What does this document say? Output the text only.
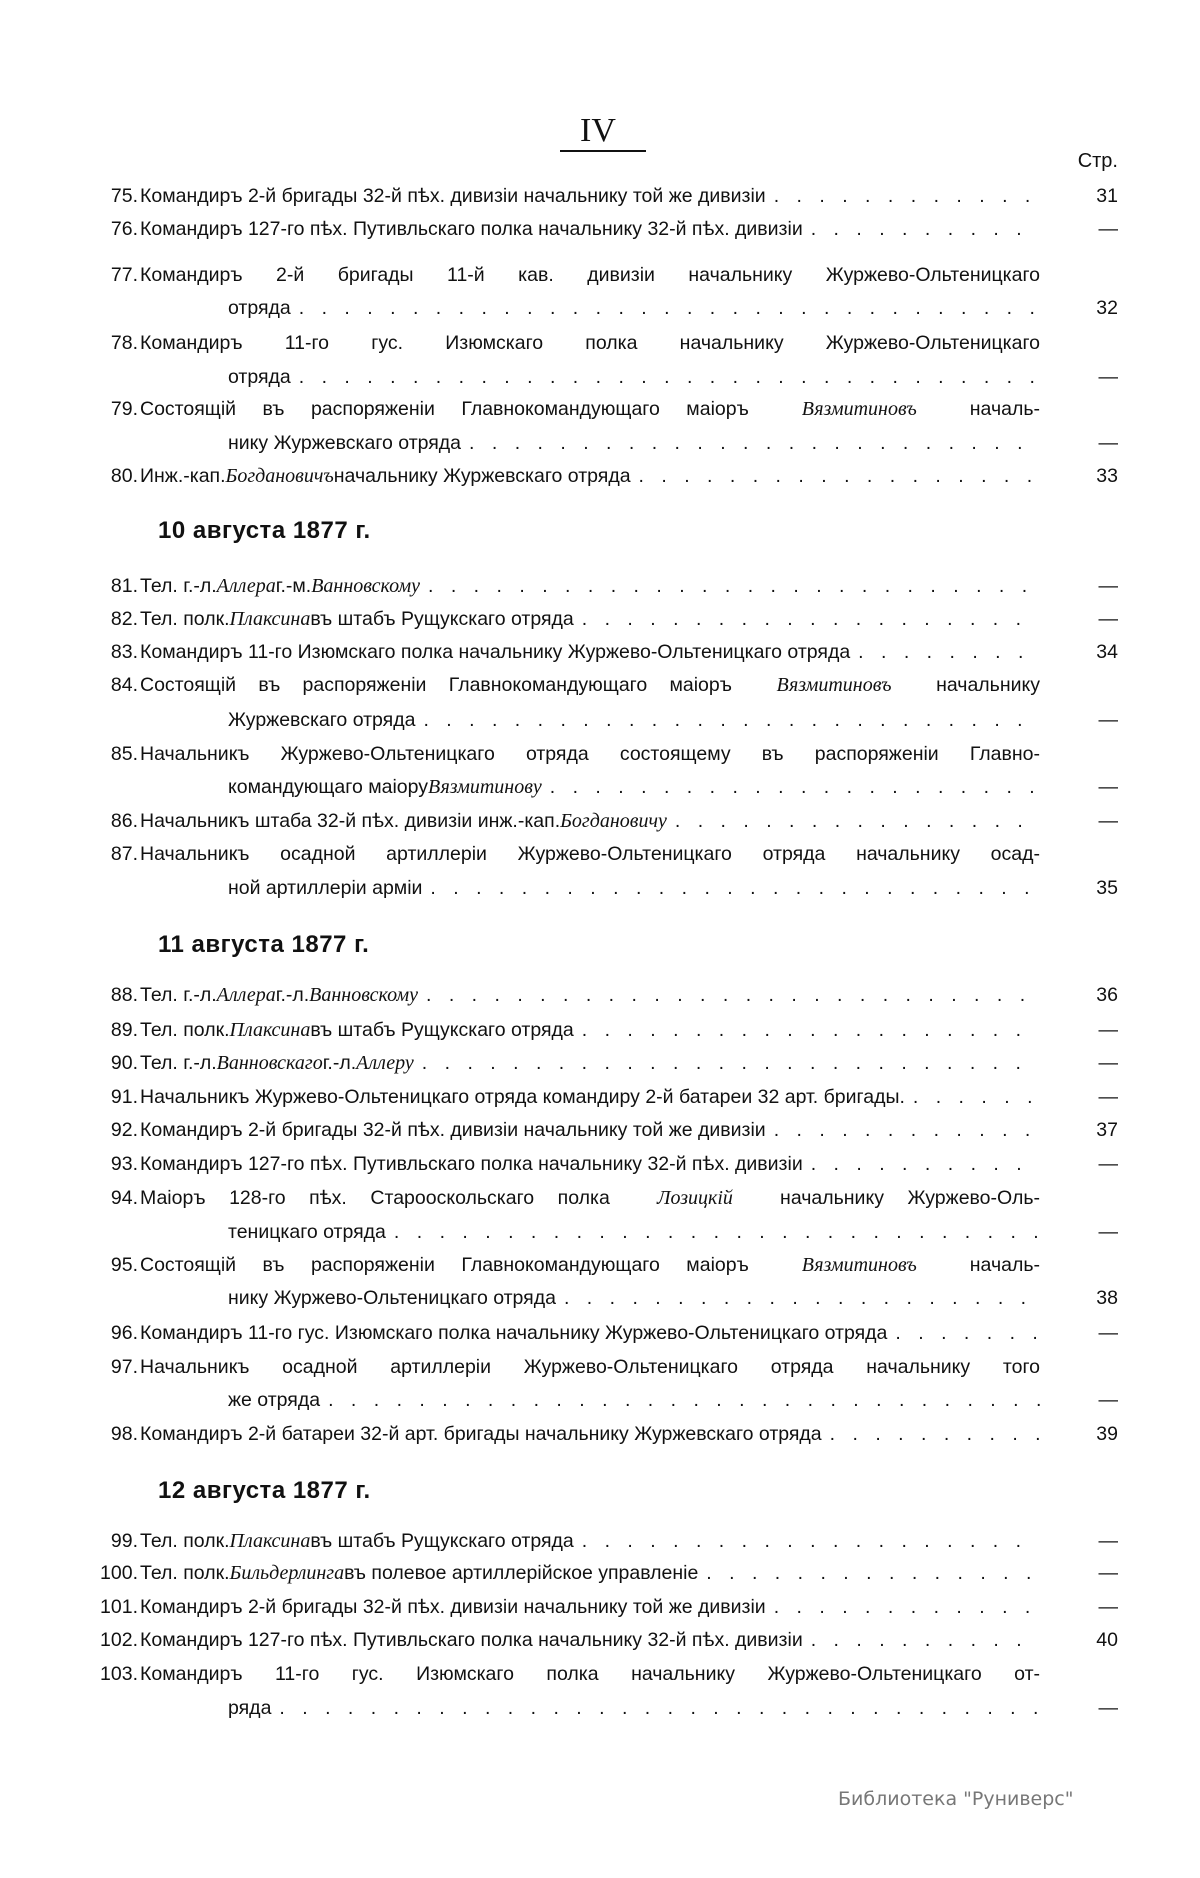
IV
Стр.
75. Командиръ 2-й бригады 32-й пѣх. дивизіи начальнику той же дивизіи . . .	31
76. Командиръ 127-го пѣх. Путивльскаго полка начальнику 32-й пѣх. дивизіи . . .	—
77. Командиръ 2-й бригады 11-й кав. дивизіи начальнику Журжево-Ольтеницкаго
отряда . . .	32
78. Командиръ 11-го гус. Изюмскаго полка начальнику Журжево-Ольтеницкаго
отряда . . .	—
79. Состоящій въ распоряженіи Главнокомандующаго маіоръ  Вязмитиновъ  началь-
нику Журжевскаго отряда . . .	—
80. Инж.-кап. Богдановичъ начальнику Журжевскаго отряда . . .	33
10 августа 1877 г.
81. Тел. г.-л. Аллера г.-м. Ванновскому . . .	—
82. Тел. полк. Плаксина въ штабъ Рущукскаго отряда . . .	—
83. Командиръ 11-го Изюмскаго полка начальнику Журжево-Ольтеницкаго отряда . . .	34
84. Состоящій въ распоряженіи Главнокомандующаго маіоръ  Вязмитиновъ  начальнику
Журжевскаго отряда . . .	—
85. Начальникъ Журжево-Ольтеницкаго отряда состоящему въ распоряженіи Главно-
командующаго маіору Вязмитинову . . .	—
86. Начальникъ штаба 32-й пѣх. дивизіи инж.-кап. Богдановичу . . .	—
87. Начальникъ осадной артиллеріи Журжево-Ольтеницкаго отряда начальнику осад-
ной артиллеріи арміи . . .	35
11 августа 1877 г.
88. Тел. г.-л. Аллера г.-л. Ванновскому . . .	36
89. Тел. полк. Плаксина въ штабъ Рущукскаго отряда . . .	—
90. Тел. г.-л. Ванновскаго г.-л. Аллеру . . .	—
91. Начальникъ Журжево-Ольтеницкаго отряда командиру 2-й батареи 32 арт. бригады. . . .	—
92. Командиръ 2-й бригады 32-й пѣх. дивизіи начальнику той же дивизіи . . .	37
93. Командиръ 127-го пѣх. Путивльскаго полка начальнику 32-й пѣх. дивизіи . . .	—
94. Маіоръ 128-го пѣх. Старооскольскаго полка  Лозицкій  начальнику Журжево-Оль-
теницкаго отряда . . .	—
95. Состоящій въ распоряженіи Главнокомандующаго маіоръ  Вязмитиновъ  началь-
нику Журжево-Ольтеницкаго отряда . . .	38
96. Командиръ 11-го гус. Изюмскаго полка начальнику Журжево-Ольтеницкаго отряда . . .	—
97. Начальникъ осадной артиллеріи Журжево-Ольтеницкаго отряда начальнику того
же отряда . . .	—
98. Командиръ 2-й батареи 32-й арт. бригады начальнику Журжевскаго отряда . . .	39
12 августа 1877 г.
99. Тел. полк. Плаксина въ штабъ Рущукскаго отряда . . .	—
100. Тел. полк. Бильдерлинга въ полевое артиллерійское управленіе . . .	—
101. Командиръ 2-й бригады 32-й пѣх. дивизіи начальнику той же дивизіи . . .	—
102. Командиръ 127-го пѣх. Путивльскаго полка начальнику 32-й пѣх. дивизіи . . .	40
103. Командиръ 11-го гус. Изюмскаго полка начальнику Журжево-Ольтеницкаго от-
ряда . . .	—
Библиотека "Руниверс"
